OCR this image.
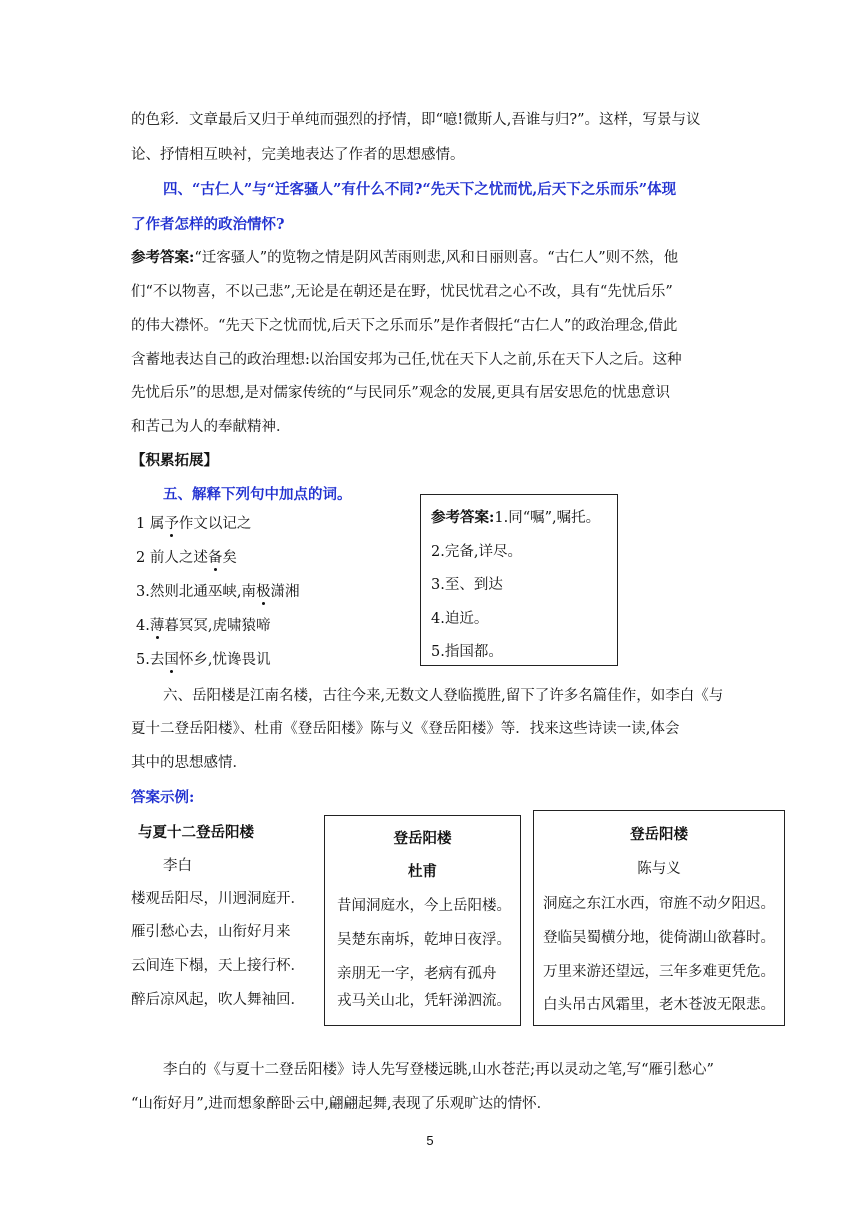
的色彩．文章最后又归于单纯而强烈的抒情，即“噫!微斯人,吾谁与归?”。这样，写景与议
论、抒情相互映衬，完美地表达了作者的思想感情。
四、“古仁人”与“迁客骚人”有什么不同?“先天下之忧而忧,后天下之乐而乐”体现
了作者怎样的政治情怀?
参考答案:“迁客骚人”的览物之情是阴风苦雨则悲,风和日丽则喜。“古仁人”则不然，他
们“不以物喜，不以己悲”,无论是在朝还是在野，忧民忧君之心不改，具有“先忧后乐”
的伟大襟怀。“先天下之忧而忧,后天下之乐而乐”是作者假托“古仁人”的政治理念,借此
含蓄地表达自己的政治理想:以治国安邦为己任,忧在天下人之前,乐在天下人之后。这种
先忧后乐”的思想,是对儒家传统的“与民同乐”观念的发展,更具有居安思危的忧患意识
和苦己为人的奉献精神．
【积累拓展】
五、解释下列句中加点的词。
1 属予作文以记之
2 前人之述备矣
3.然则北通巫峡,南极潇湘
4.薄暮冥冥,虎啸猿啼
5.去国怀乡,忧谗畏讥
参考答案:1.同“嘱”,嘱托。
2.完备,详尽。
3.至、到达
4.迫近。
5.指国都。
六、岳阳楼是江南名楼，古往今来,无数文人登临揽胜,留下了许多名篇佳作，如李白《与
夏十二登岳阳楼》、杜甫《登岳阳楼》陈与义《登岳阳楼》等．找来这些诗读一读,体会
其中的思想感情．
答案示例:
与夏十二登岳阳楼
李白
楼观岳阳尽，川迥洞庭开．
雁引愁心去，山衔好月来
云间连下榻，天上接行杯．
醉后凉风起，吹人舞袖回．
登岳阳楼
杜甫
昔闻洞庭水，今上岳阳楼。
吴楚东南坼，乾坤日夜浮。
亲朋无一字，老病有孤舟
戎马关山北，凭轩涕泗流。
登岳阳楼
陈与义
洞庭之东江水西，帘旌不动夕阳迟。
登临吴蜀横分地，徙倚湖山欲暮时。
万里来游还望远，三年多难更凭危。
白头吊古风霜里，老木苍波无限悲。
李白的《与夏十二登岳阳楼》诗人先写登楼远眺,山水苍茫;再以灵动之笔,写“雁引愁心”
“山衔好月”,进而想象醉卧云中,翩翩起舞,表现了乐观旷达的情怀．
5
